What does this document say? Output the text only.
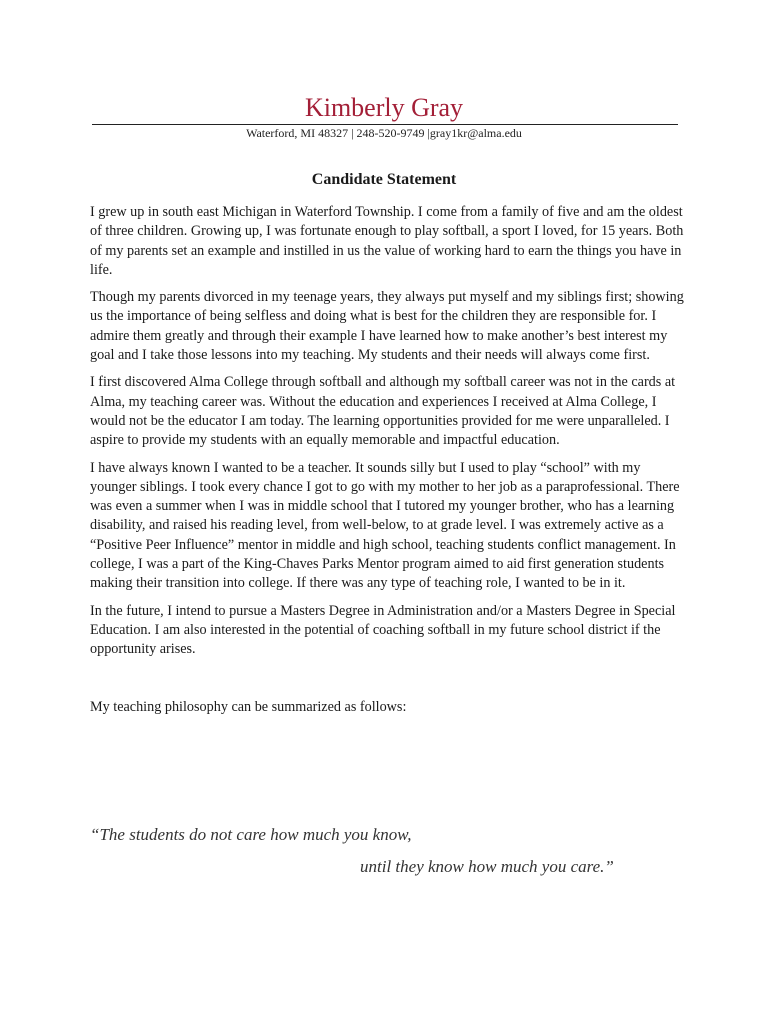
Kimberly Gray
Waterford, MI 48327 | 248-520-9749 |gray1kr@alma.edu
Candidate Statement

I grew up in south east Michigan in Waterford Township. I come from a family of five and am the oldest of three children. Growing up, I was fortunate enough to play softball, a sport I loved, for 15 years. Both of my parents set an example and instilled in us the value of working hard to earn the things you have in life.

Though my parents divorced in my teenage years, they always put myself and my siblings first; showing us the importance of being selfless and doing what is best for the children they are responsible for. I admire them greatly and through their example I have learned how to make another’s best interest my goal and I take those lessons into my teaching. My students and their needs will always come first.

I first discovered Alma College through softball and although my softball career was not in the cards at Alma, my teaching career was. Without the education and experiences I received at Alma College, I would not be the educator I am today. The learning opportunities provided for me were unparalleled. I aspire to provide my students with an equally memorable and impactful education.

I have always known I wanted to be a teacher. It sounds silly but I used to play “school” with my younger siblings. I took every chance I got to go with my mother to her job as a paraprofessional. There was even a summer when I was in middle school that I tutored my younger brother, who has a learning disability, and raised his reading level, from well-below, to at grade level. I was extremely active as a “Positive Peer Influence” mentor in middle and high school, teaching students conflict management. In college, I was a part of the King-Chaves Parks Mentor program aimed to aid first generation students making their transition into college. If there was any type of teaching role, I wanted to be in it.

In the future, I intend to pursue a Masters Degree in Administration and/or a Masters Degree in Special Education. I am also interested in the potential of coaching softball in my future school district if the opportunity arises.

My teaching philosophy can be summarized as follows:

“The students do not care how much you know,
until they know how much you care.”
